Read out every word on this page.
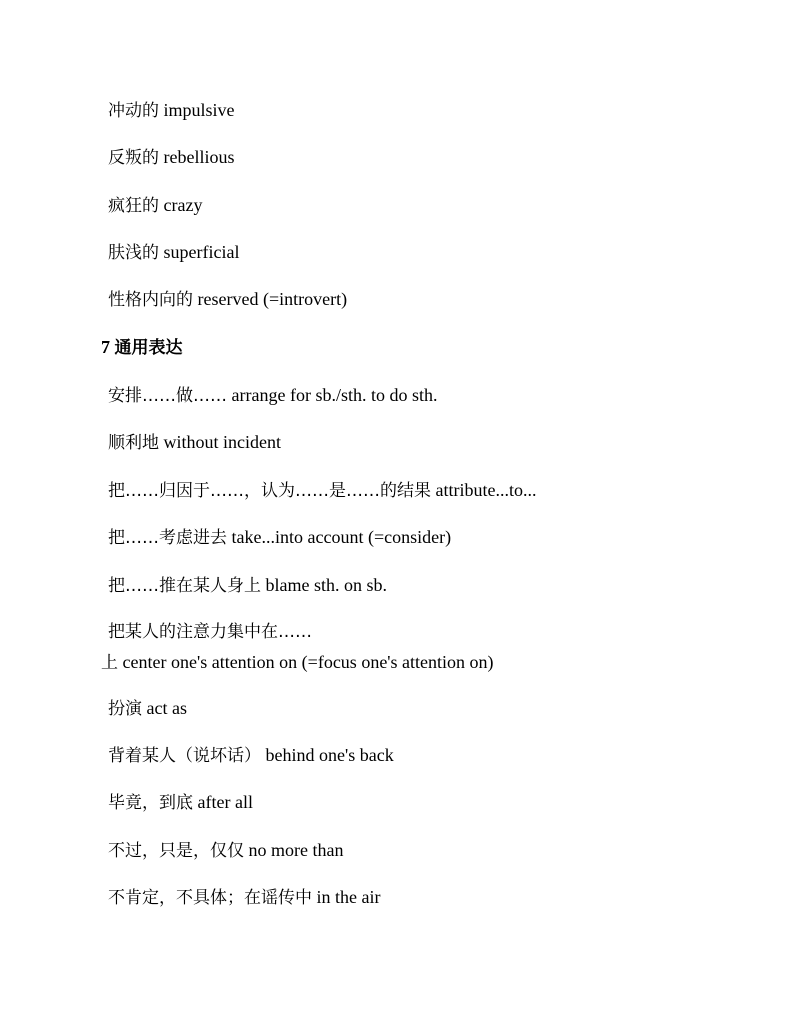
冲动的 impulsive
反叛的 rebellious
疯狂的 crazy
肤浅的 superficial
性格内向的 reserved (=introvert)
7 通用表达
安排……做…… arrange for sb./sth. to do sth.
顺利地 without incident
把……归因于……，认为……是……的结果 attribute...to...
把……考虑进去 take...into account (=consider)
把……推在某人身上 blame sth. on sb.
把某人的注意力集中在……
上 center one's attention on (=focus one's attention on)
扮演 act as
背着某人（说坏话） behind one's back
毕竟，到底 after all
不过，只是，仅仅 no more than
不肯定，不具体；在谣传中 in the air
